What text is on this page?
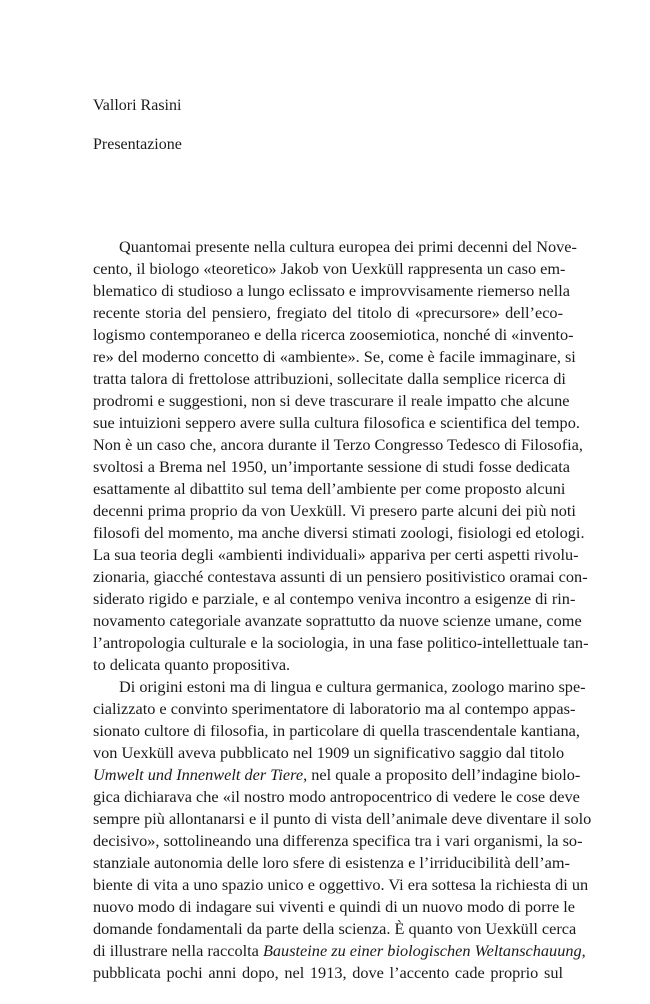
Vallori Rasini
Presentazione
Quantomai presente nella cultura europea dei primi decenni del Nove-
cento, il biologo «teoretico» Jakob von Uexküll rappresenta un caso em-
blematico di studioso a lungo eclissato e improvvisamente riemerso nella
recente storia del pensiero, fregiato del titolo di «precursore» dell’eco-
logismo contemporaneo e della ricerca zoosemiotica, nonché di «invento-
re» del moderno concetto di «ambiente». Se, come è facile immaginare, si
tratta talora di frettolose attribuzioni, sollecitate dalla semplice ricerca di
prodromi e suggestioni, non si deve trascurare il reale impatto che alcune
sue intuizioni seppero avere sulla cultura filosofica e scientifica del tempo.
Non è un caso che, ancora durante il Terzo Congresso Tedesco di Filosofia,
svoltosi a Brema nel 1950, un’importante sessione di studi fosse dedicata
esattamente al dibattito sul tema dell’ambiente per come proposto alcuni
decenni prima proprio da von Uexküll. Vi presero parte alcuni dei più noti
filosofi del momento, ma anche diversi stimati zoologi, fisiologi ed etologi.
La sua teoria degli «ambienti individuali» appariva per certi aspetti rivolu-
zionaria, giacché contestava assunti di un pensiero positivistico oramai con-
siderato rigido e parziale, e al contempo veniva incontro a esigenze di rin-
novamento categoriale avanzate soprattutto da nuove scienze umane, come
l’antropologia culturale e la sociologia, in una fase politico-intellettuale tan-
to delicata quanto propositiva.
Di origini estoni ma di lingua e cultura germanica, zoologo marino spe-
cializzato e convinto sperimentatore di laboratorio ma al contempo appas-
sionato cultore di filosofia, in particolare di quella trascendentale kantiana,
von Uexküll aveva pubblicato nel 1909 un significativo saggio dal titolo
Umwelt und Innenwelt der Tiere, nel quale a proposito dell’indagine biolo-
gica dichiarava che «il nostro modo antropocentrico di vedere le cose deve
sempre più allontanarsi e il punto di vista dell’animale deve diventare il solo
decisivo», sottolineando una differenza specifica tra i vari organismi, la so-
stanziale autonomia delle loro sfere di esistenza e l’irriducibilità dell’am-
biente di vita a uno spazio unico e oggettivo. Vi era sottesa la richiesta di un
nuovo modo di indagare sui viventi e quindi di un nuovo modo di porre le
domande fondamentali da parte della scienza. È quanto von Uexküll cerca
di illustrare nella raccolta Bausteine zu einer biologischen Weltanschauung,
pubblicata pochi anni dopo, nel 1913, dove l’accento cade proprio sul
